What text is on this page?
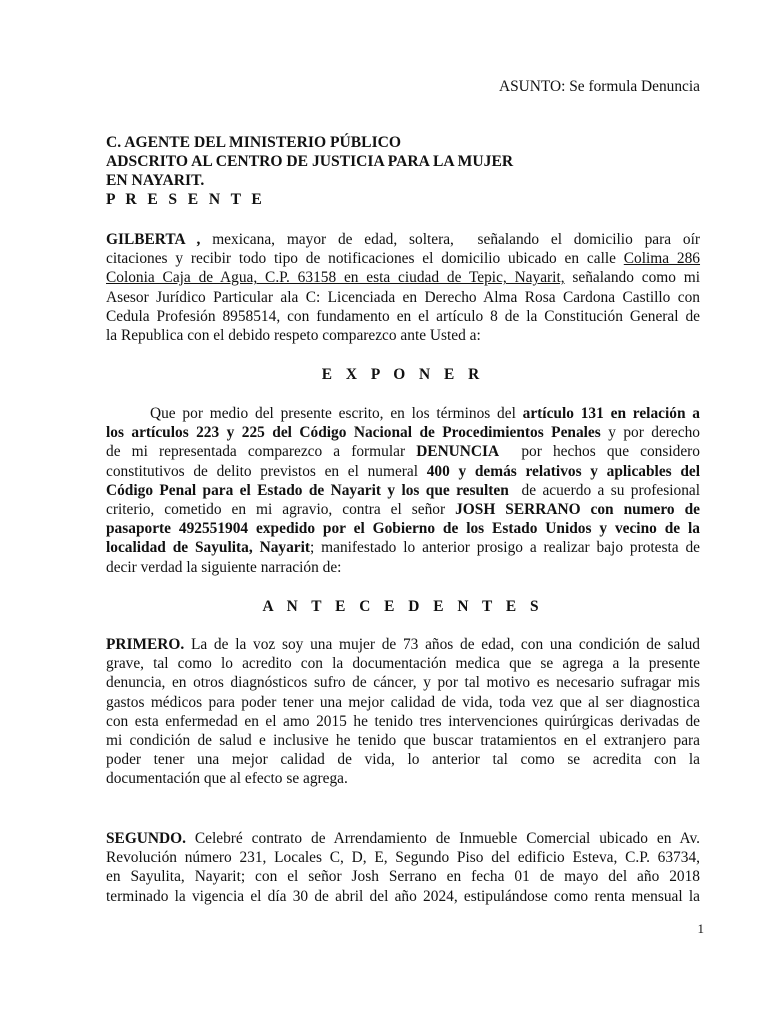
ASUNTO: Se formula Denuncia
C. AGENTE DEL MINISTERIO PÚBLICO
ADSCRITO AL CENTRO DE JUSTICIA PARA LA MUJER
EN NAYARIT.
P R E S E N T E
GILBERTA , mexicana, mayor de edad, soltera,  señalando el domicilio para oír
citaciones y recibir todo tipo de notificaciones el domicilio ubicado en calle Colima 286
Colonia Caja de Agua, C.P. 63158 en esta ciudad de Tepic, Nayarit, señalando como mi
Asesor Jurídico Particular ala C: Licenciada en Derecho Alma Rosa Cardona Castillo con
Cedula Profesión 8958514, con fundamento en el artículo 8 de la Constitución General de
la Republica con el debido respeto comparezco ante Usted a:
E X P O N E R
Que por medio del presente escrito, en los términos del artículo 131 en relación a
los artículos 223 y 225 del Código Nacional de Procedimientos Penales y por derecho
de mi representada comparezco a formular DENUNCIA  por hechos que considero
constitutivos de delito previstos en el numeral 400 y demás relativos y aplicables del
Código Penal para el Estado de Nayarit y los que resulten  de acuerdo a su profesional
criterio, cometido en mi agravio, contra el señor JOSH SERRANO con numero de
pasaporte 492551904 expedido por el Gobierno de los Estado Unidos y vecino de la
localidad de Sayulita, Nayarit; manifestado lo anterior prosigo a realizar bajo protesta de
decir verdad la siguiente narración de:
A N T E C E D E N T E S
PRIMERO. La de la voz soy una mujer de 73 años de edad, con una condición de salud
grave, tal como lo acredito con la documentación medica que se agrega a la presente
denuncia, en otros diagnósticos sufro de cáncer, y por tal motivo es necesario sufragar mis
gastos médicos para poder tener una mejor calidad de vida, toda vez que al ser diagnostica
con esta enfermedad en el amo 2015 he tenido tres intervenciones quirúrgicas derivadas de
mi condición de salud e inclusive he tenido que buscar tratamientos en el extranjero para
poder tener una mejor calidad de vida, lo anterior tal como se acredita con la
documentación que al efecto se agrega.
SEGUNDO. Celebré contrato de Arrendamiento de Inmueble Comercial ubicado en Av.
Revolución número 231, Locales C, D, E, Segundo Piso del edificio Esteva, C.P. 63734,
en Sayulita, Nayarit; con el señor Josh Serrano en fecha 01 de mayo del año 2018
terminado la vigencia el día 30 de abril del año 2024, estipulándose como renta mensual la
1
